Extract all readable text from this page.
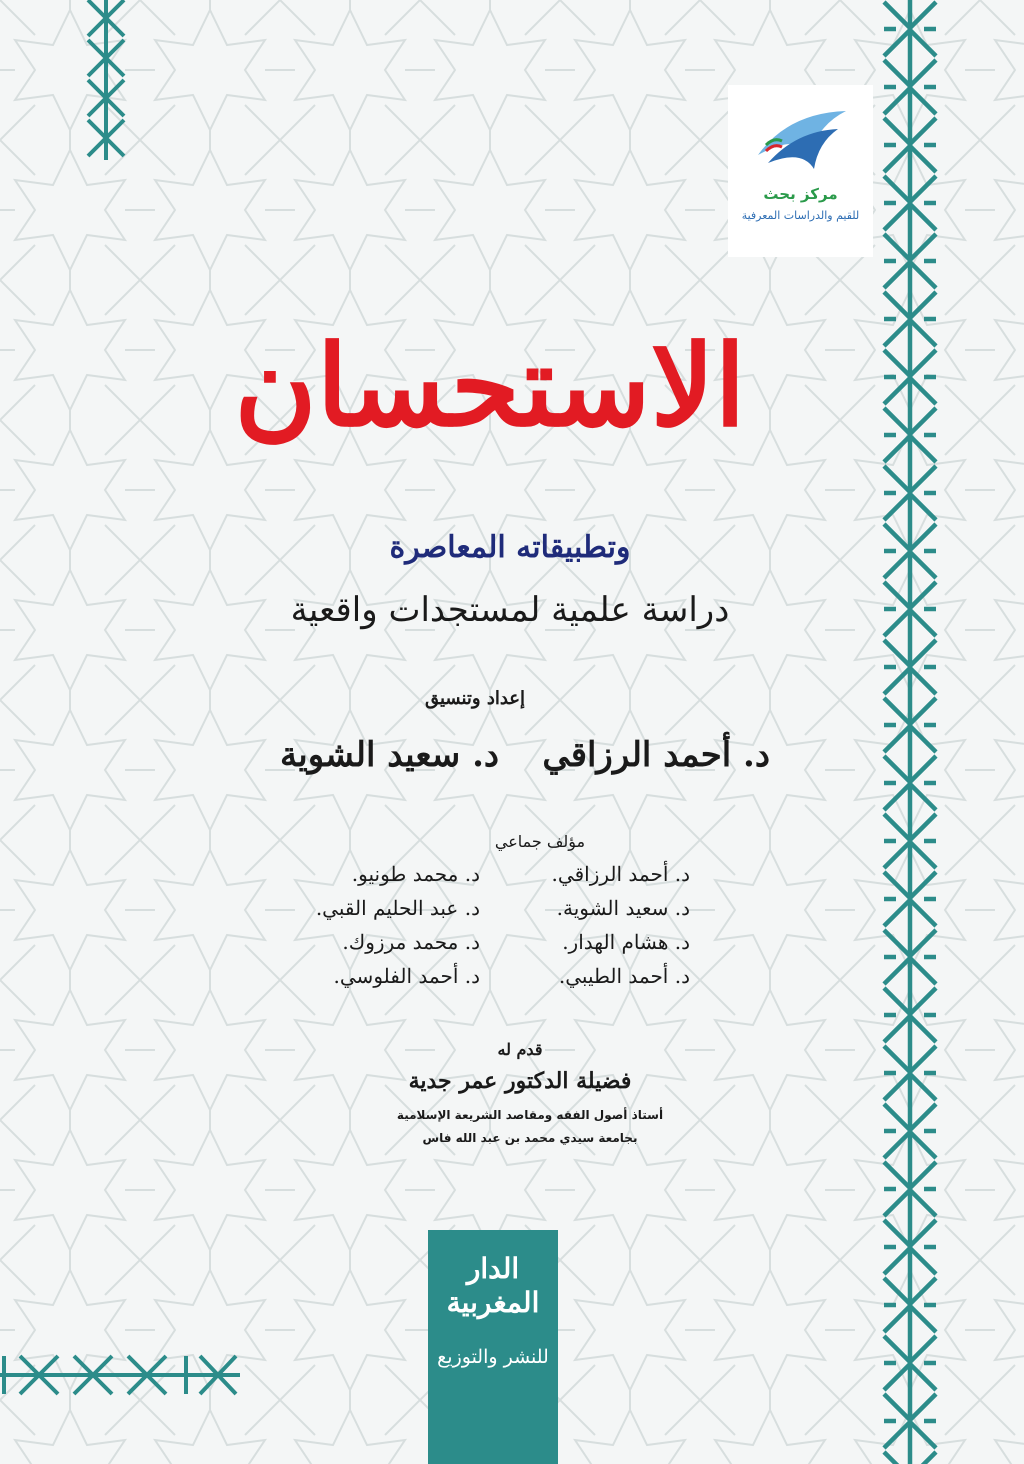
مركز بحث
للقيم والدراسات المعرفية
الاستحسان
وتطبيقاته المعاصرة
دراسة علمية لمستجدات واقعية
إعداد وتنسيق
د. أحمد الرزاقي
د. سعيد الشوية
مؤلف جماعي
د. أحمد الرزاقي.
د. سعيد الشوية.
د. هشام الهدار.
د. أحمد الطيبي.
د. محمد طونيو.
د. عبد الحليم القبي.
د. محمد مرزوك.
د. أحمد الفلوسي.
قدم له
فضيلة الدكتور عمر جدية
أستاذ أصول الفقه ومقاصد الشريعة الإسلامية
بجامعة سيدي محمد بن عبد الله فاس
الدار المغربية
للنشر والتوزيع
